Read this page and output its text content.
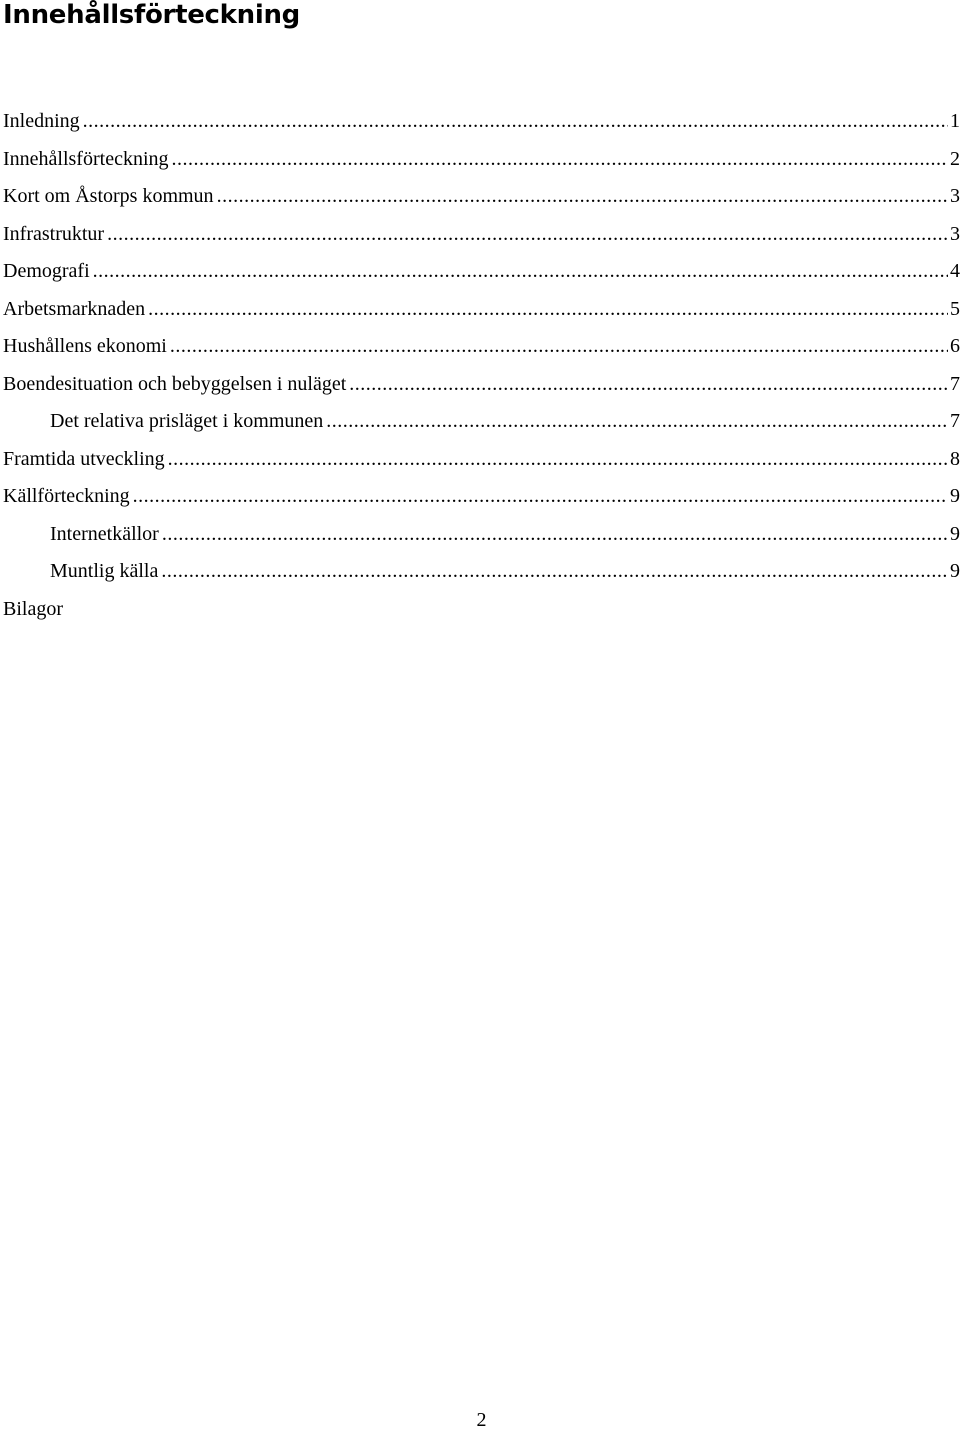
Innehållsförteckning
Inledning .....	1
Innehållsförteckning .....	2
Kort om Åstorps kommun .....	3
Infrastruktur .....	3
Demografi .....	4
Arbetsmarknaden .....	5
Hushållens ekonomi .....	6
Boendesituation och bebyggelsen i nuläget .....	7
Det relativa prisläget i kommunen .....	7
Framtida utveckling .....	8
Källförteckning .....	9
Internetkällor .....	9
Muntlig källa .....	9
Bilagor

2
